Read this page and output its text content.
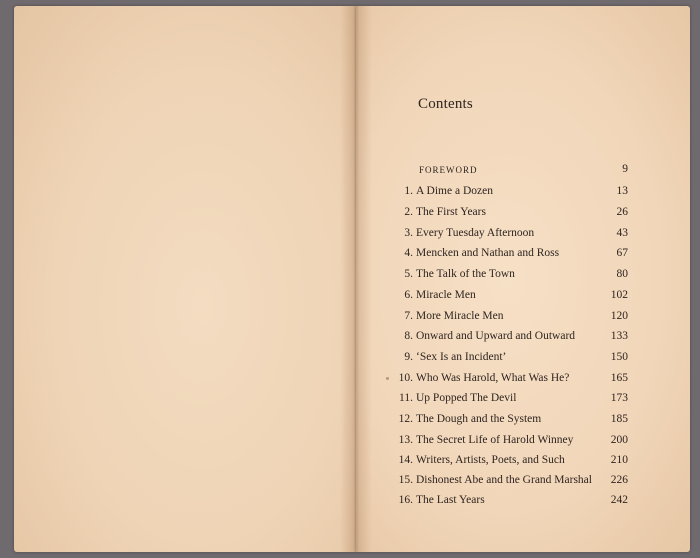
Contents
FOREWORD	9
1. A Dime a Dozen	13
2. The First Years	26
3. Every Tuesday Afternoon	43
4. Mencken and Nathan and Ross	67
5. The Talk of the Town	80
6. Miracle Men	102
7. More Miracle Men	120
8. Onward and Upward and Outward	133
9. ‘Sex Is an Incident’	150
10. Who Was Harold, What Was He?	165
11. Up Popped The Devil	173
12. The Dough and the System	185
13. The Secret Life of Harold Winney	200
14. Writers, Artists, Poets, and Such	210
15. Dishonest Abe and the Grand Marshal 226
16. The Last Years	242
